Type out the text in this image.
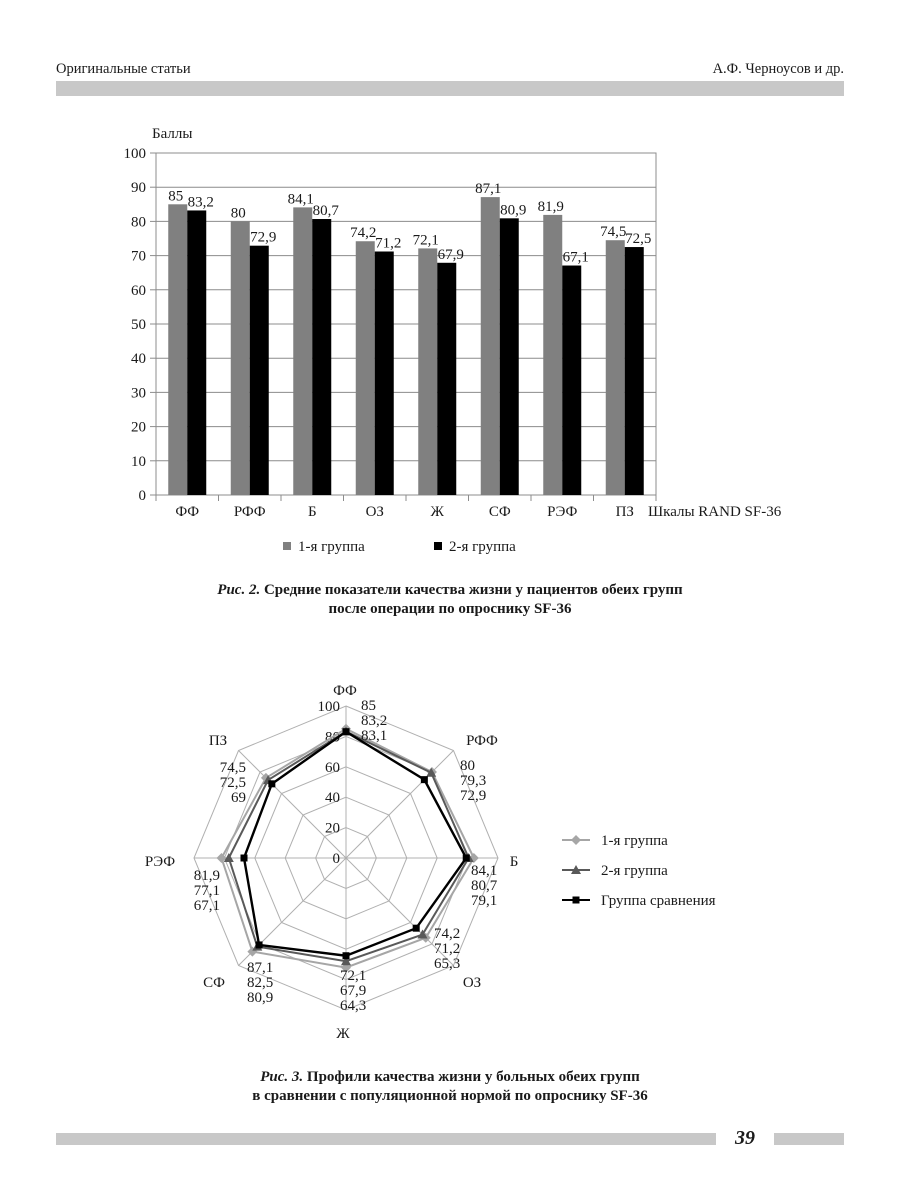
Оригинальные статьи	А.Ф. Черноусов и др.
0
10
20
30
40
50
60
70
80
90
100
Баллы
85 83,2
ФФ
80
72,9
РФФ
84,1
80,7
Б
74,2
71,2
ОЗ
72,1
67,9
Ж
87,1
80,9
СФ
81,9
67,1
РЭФ
74,5
72,5
ПЗ Шкалы RAND SF-36
1-я группа	2-я группа
Рис. 2. Средние показатели качества жизни у пациентов обеих групп
после операции по опроснику SF-36
0
20
40
60
80
100
ФФ
РФФ
Б
ОЗ
Ж
СФ
РЭФ
ПЗ
85
83,2
83,1
80
79,3
72,9
84,1
80,7
79,1
74,2
71,2
65,3
72,1
67,9
64,3
87,1
82,5
80,9
81,9
77,1
67,1
74,5
72,5
69
1-я группа
2-я группа
Группа сравнения
Рис. 3. Профили качества жизни у больных обеих групп
в сравнении с популяционной нормой по опроснику SF-36
39
